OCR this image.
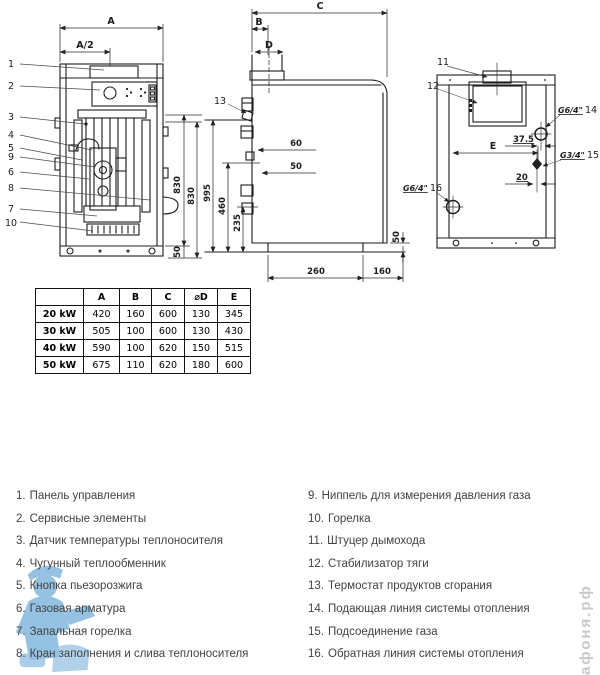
A
A/2
1
2
3
4
5
9
6
8
7
10
830
830
50
C
B
D
13
60
50
995
460
235
260	160
50
11
12
G6/4" 14
37.5
E
G3/4" 15
20
G6/4" 16
	A	B	C	⌀D	E
20 kW	420	160	600	130	345
30 kW	505	100	600	130	430
40 kW	590	100	620	150	515
50 kW	675	110	620	180	600
афоня.рф
1. Панель управления
2. Сервисные элементы
3. Датчик температуры теплоносителя
4. Чугунный теплообменник
5. Кнопка пьезорозжига
6. Газовая арматура
7. Запальная горелка
8. Кран заполнения и слива теплоносителя
9. Ниппель для измерения давления газа
10. Горелка
11. Штуцер дымохода
12. Стабилизатор тяги
13. Термостат продуктов сгорания
14. Подающая линия системы отопления
15. Подсоединение газа
16. Обратная линия системы отопления
